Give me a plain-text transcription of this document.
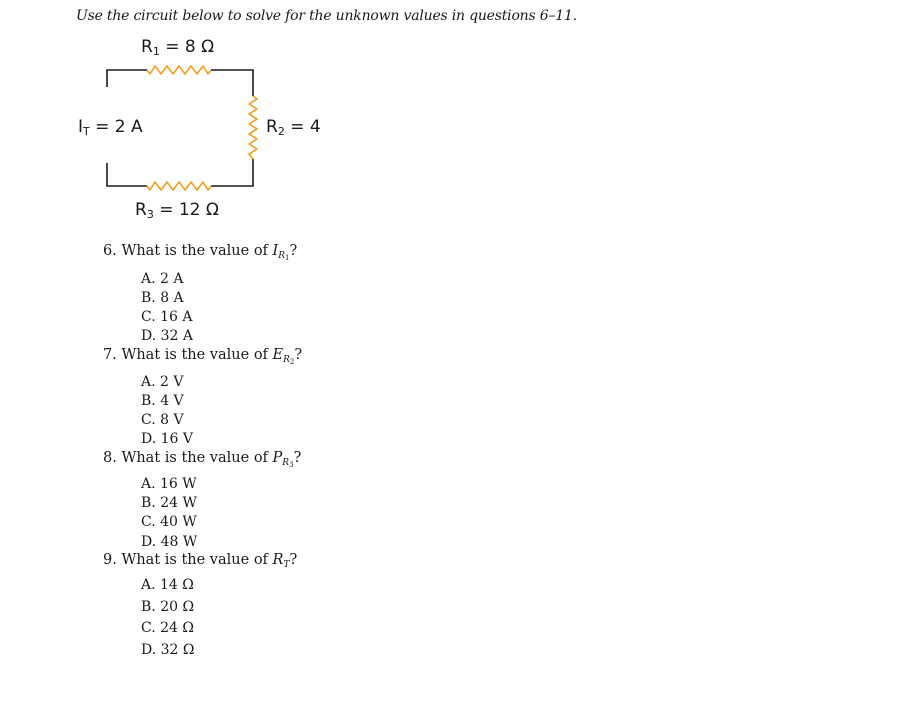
Use the circuit below to solve for the unknown values in questions 6–11.
$R_1 = 8$ Ω
$I_T = 2$ A	$R_2 = 4$
$R_3 = 12$ Ω
6. What is the value of $I_{R_1}$?
A. 2 A
B. 8 A
C. 16 A
D. 32 A
7. What is the value of $E_{R_2}$?
A. 2 V
B. 4 V
C. 8 V
D. 16 V
8. What is the value of $P_{R_3}$?
A. 16 W
B. 24 W
C. 40 W
D. 48 W
9. What is the value of $R_T$?
A. 14 Ω
B. 20 Ω
C. 24 Ω
D. 32 Ω
